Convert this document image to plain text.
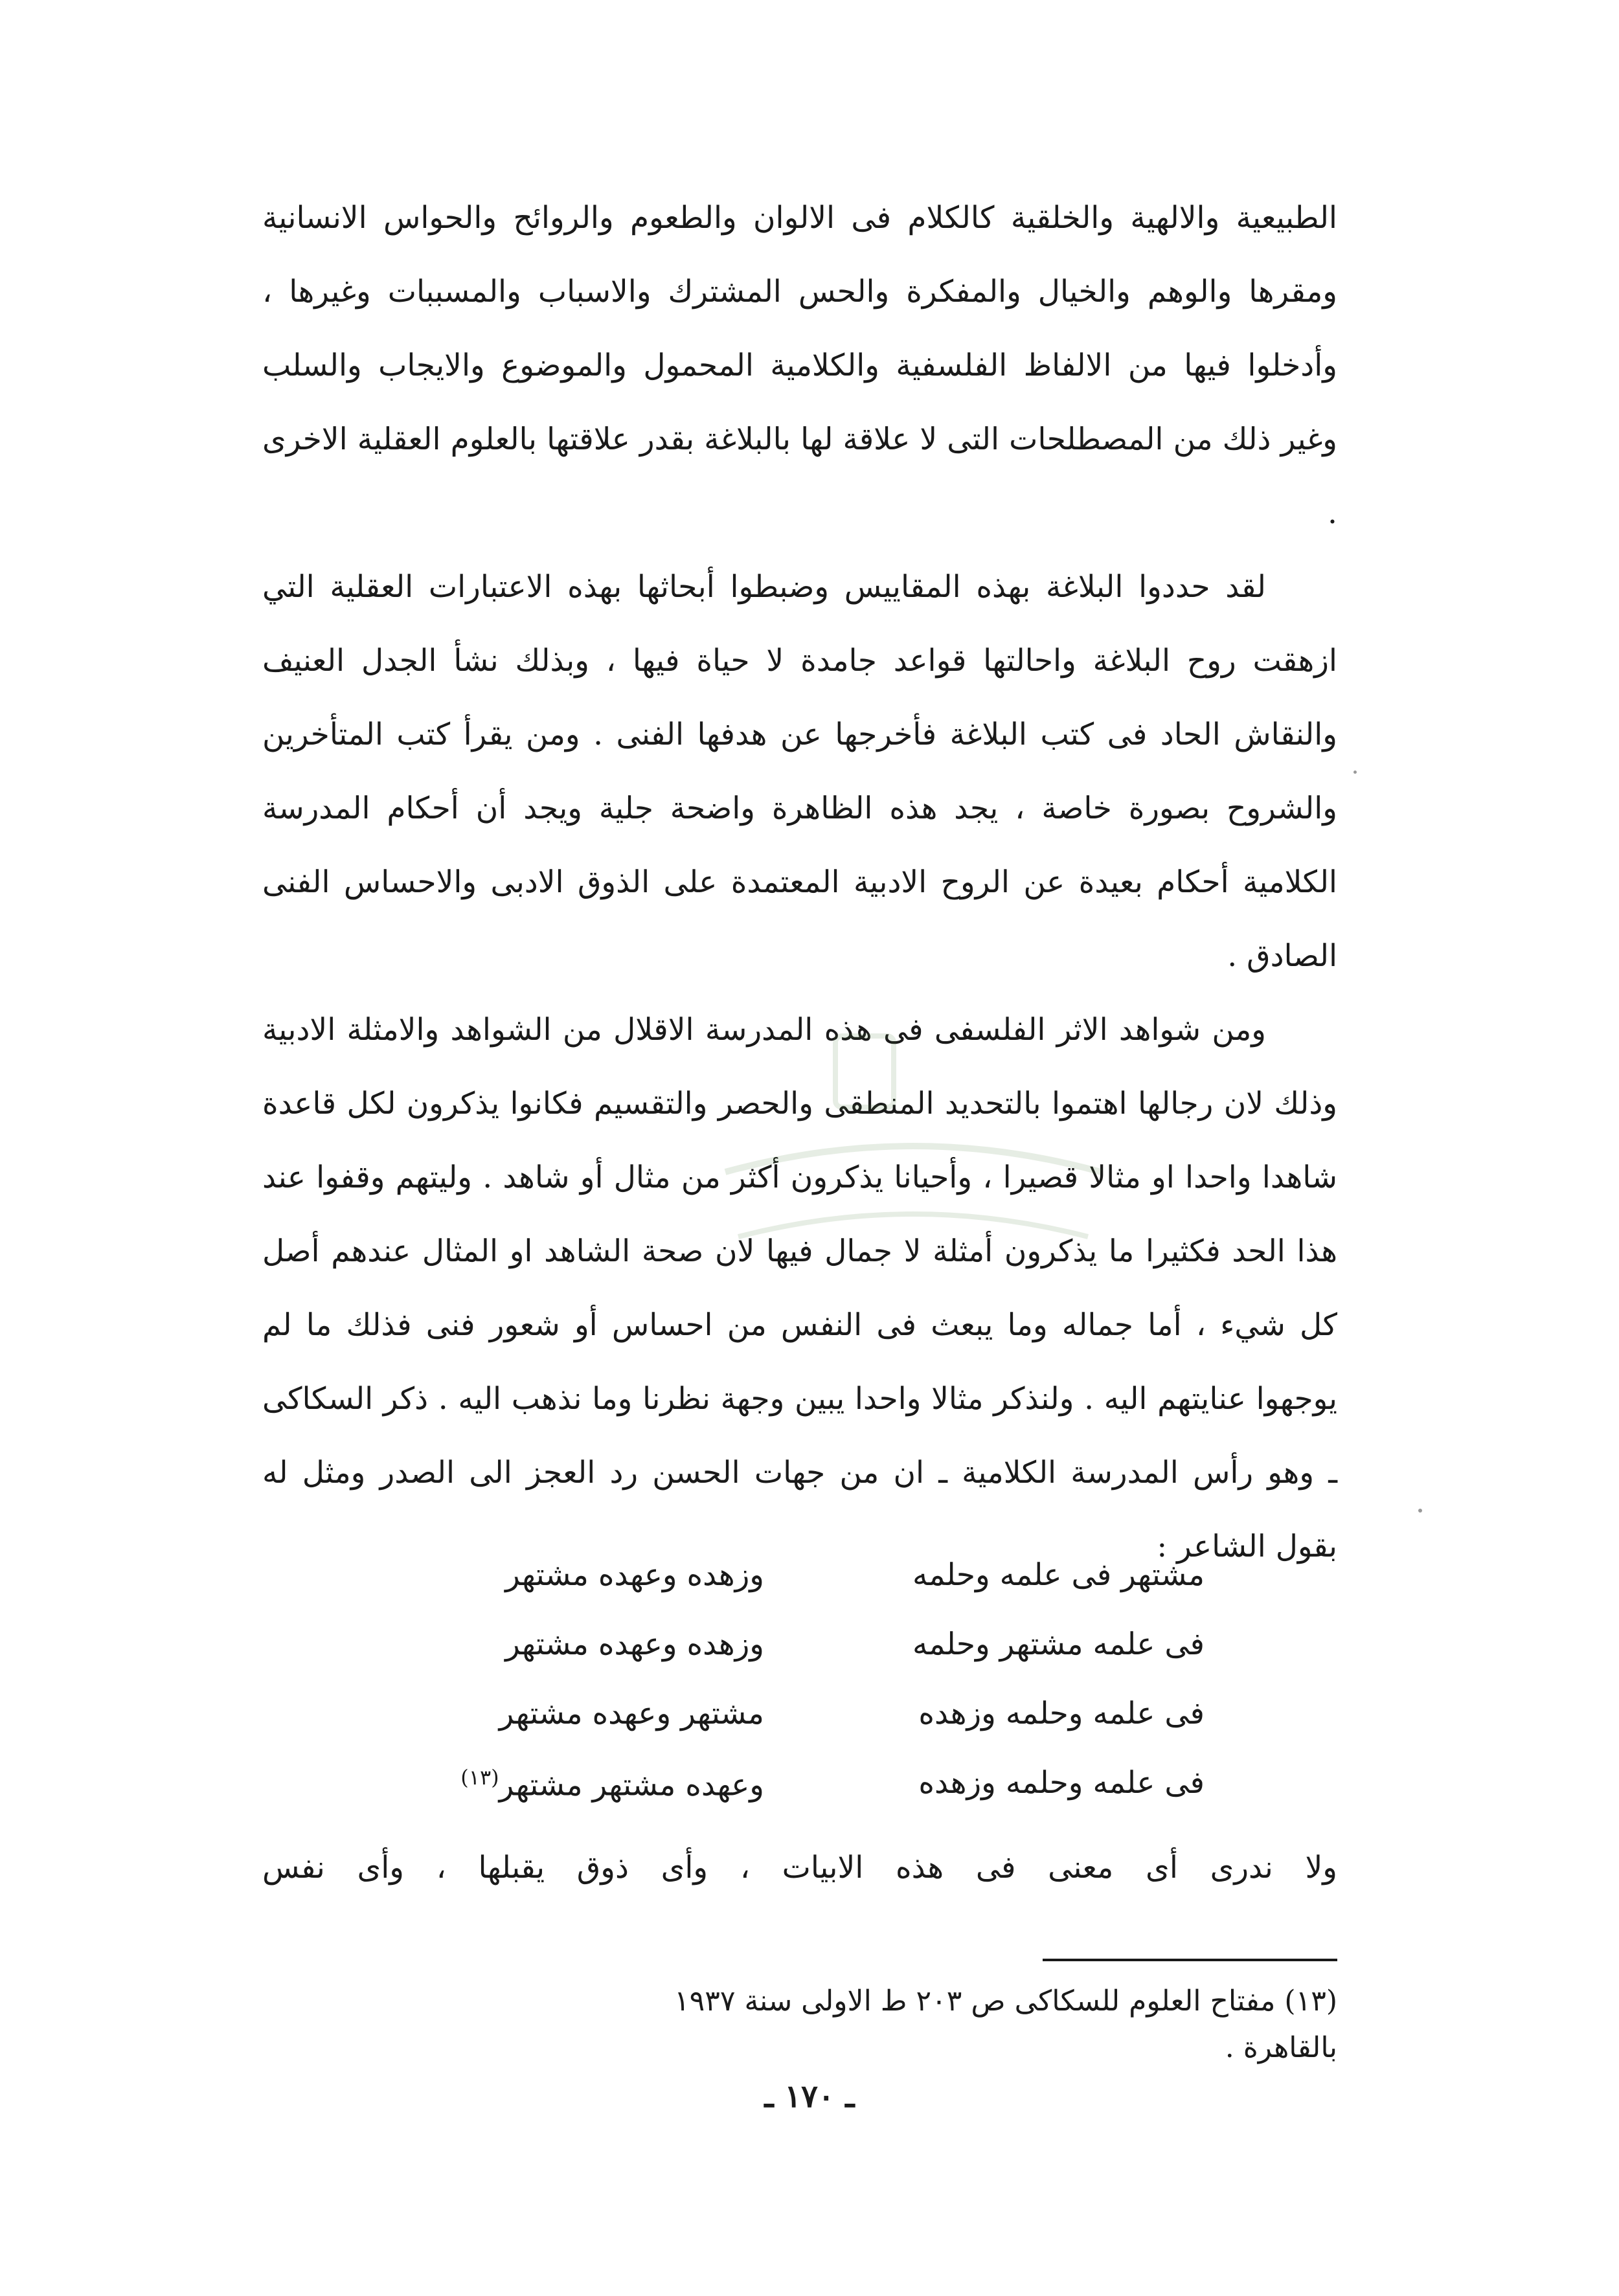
الطبيعية والالهية والخلقية كالكلام فى الالوان والطعوم والروائح والحواس الانسانية ومقرها والوهم والخيال والمفكرة والحس المشترك والاسباب والمسببات وغيرها ، وأدخلوا فيها من الالفاظ الفلسفية والكلامية المحمول والموضوع والايجاب والسلب وغير ذلك من المصطلحات التى لا علاقة لها بالبلاغة بقدر علاقتها بالعلوم العقلية الاخرى .

لقد حددوا البلاغة بهذه المقاييس وضبطوا أبحاثها بهذه الاعتبارات العقلية التي ازهقت روح البلاغة واحالتها قواعد جامدة لا حياة فيها ، وبذلك نشأ الجدل العنيف والنقاش الحاد فى كتب البلاغة فأخرجها عن هدفها الفنى . ومن يقرأ كتب المتأخرين والشروح بصورة خاصة ، يجد هذه الظاهرة واضحة جلية ويجد أن أحكام المدرسة الكلامية أحكام بعيدة عن الروح الادبية المعتمدة على الذوق الادبى والاحساس الفنى الصادق .

ومن شواهد الاثر الفلسفى فى هذه المدرسة الاقلال من الشواهد والامثلة الادبية وذلك لان رجالها اهتموا بالتحديد المنطقى والحصر والتقسيم فكانوا يذكرون لكل قاعدة شاهدا واحدا او مثالا قصيرا ، وأحيانا يذكرون أكثر من مثال أو شاهد . وليتهم وقفوا عند هذا الحد فكثيرا ما يذكرون أمثلة لا جمال فيها لان صحة الشاهد او المثال عندهم أصل كل شيء ، أما جماله وما يبعث فى النفس من احساس أو شعور فنى فذلك ما لم يوجهوا عنايتهم اليه . ولنذكر مثالا واحدا يبين وجهة نظرنا وما نذهب اليه . ذكر السكاكى ـ وهو رأس المدرسة الكلامية ـ ان من جهات الحسن رد العجز الى الصدر ومثل له بقول الشاعر :

مشتهر فى علمه وحلمه
وزهده وعهده مشتهر
فى علمه مشتهر وحلمه
وزهده وعهده مشتهر
فى علمه وحلمه وزهده
مشتهر وعهده مشتهر
فى علمه وحلمه وزهده
وعهده مشتهر مشتهر$^{(١٣)}$
ولا ندرى أى معنى فى هذه الابيات ، وأى ذوق يقبلها ، وأى نفس

(١٣) مفتاح العلوم للسكاكى ص ٢٠٣ ط الاولى سنة ١٩٣٧

بالقاهرة .

ـ ١٧٠ ـ
